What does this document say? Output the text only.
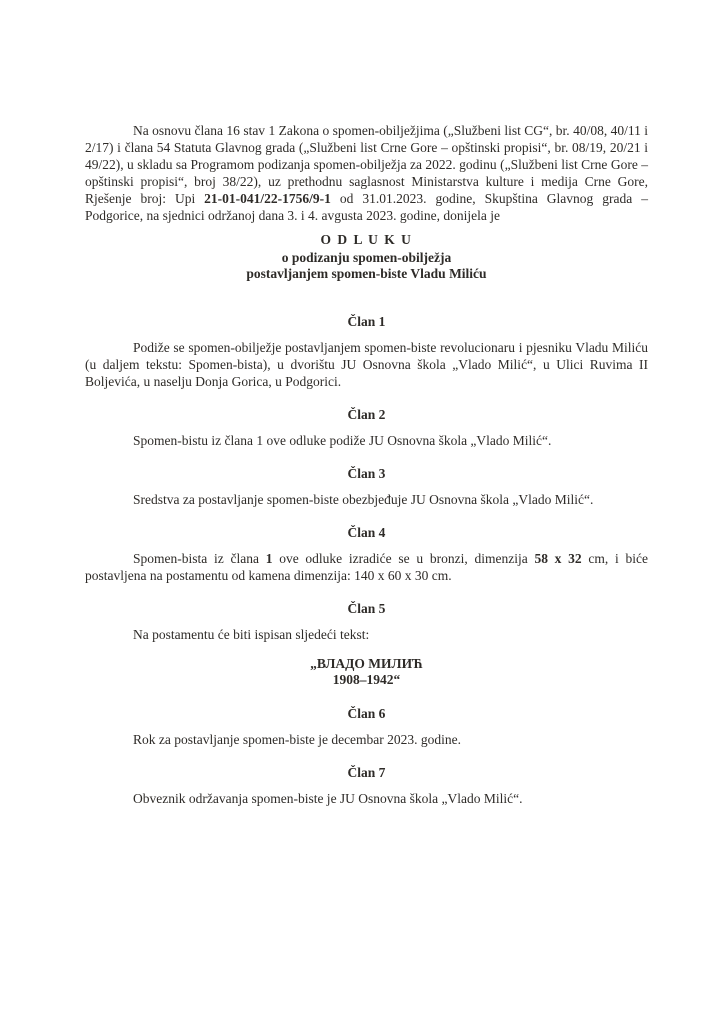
Na osnovu člana 16 stav 1 Zakona o spomen-obilježjima („Službeni list CG“, br. 40/08, 40/11 i 2/17) i člana 54 Statuta Glavnog grada („Službeni list Crne Gore – opštinski propisi“, br. 08/19, 20/21 i 49/22), u skladu sa Programom podizanja spomen-obilježja za 2022. godinu („Službeni list Crne Gore – opštinski propisi“, broj 38/22), uz prethodnu saglasnost Ministarstva kulture i medija Crne Gore, Rješenje broj: Upi 21-01-041/22-1756/9-1 od 31.01.2023. godine, Skupština Glavnog grada – Podgorice, na sjednici održanoj dana 3. i 4. avgusta 2023. godine, donijela je

O D L U K U
o podizanju spomen-obilježja
postavljanjem spomen-biste Vladu Miliću
Član 1

Podiže se spomen-obilježje postavljanjem spomen-biste revolucionaru i pjesniku Vladu Miliću (u daljem tekstu: Spomen-bista), u dvorištu JU Osnovna škola „Vlado Milić“, u Ulici Ruvima II Boljevića, u naselju Donja Gorica, u Podgorici.

Član 2

Spomen-bistu iz člana 1 ove odluke podiže JU Osnovna škola „Vlado Milić“.

Član 3

Sredstva za postavljanje spomen-biste obezbjeđuje JU Osnovna škola „Vlado Milić“.

Član 4

Spomen-bista iz člana 1 ove odluke izradiće se u bronzi, dimenzija 58 x 32 cm, i biće postavljena na postamentu od kamena dimenzija: 140 x 60 x 30 cm.

Član 5

Na postamentu će biti ispisan sljedeći tekst:

„ВЛАДО МИЛИЋ
1908–1942“
Član 6

Rok za postavljanje spomen-biste je decembar 2023. godine.

Član 7

Obveznik održavanja spomen-biste je JU Osnovna škola „Vlado Milić“.
